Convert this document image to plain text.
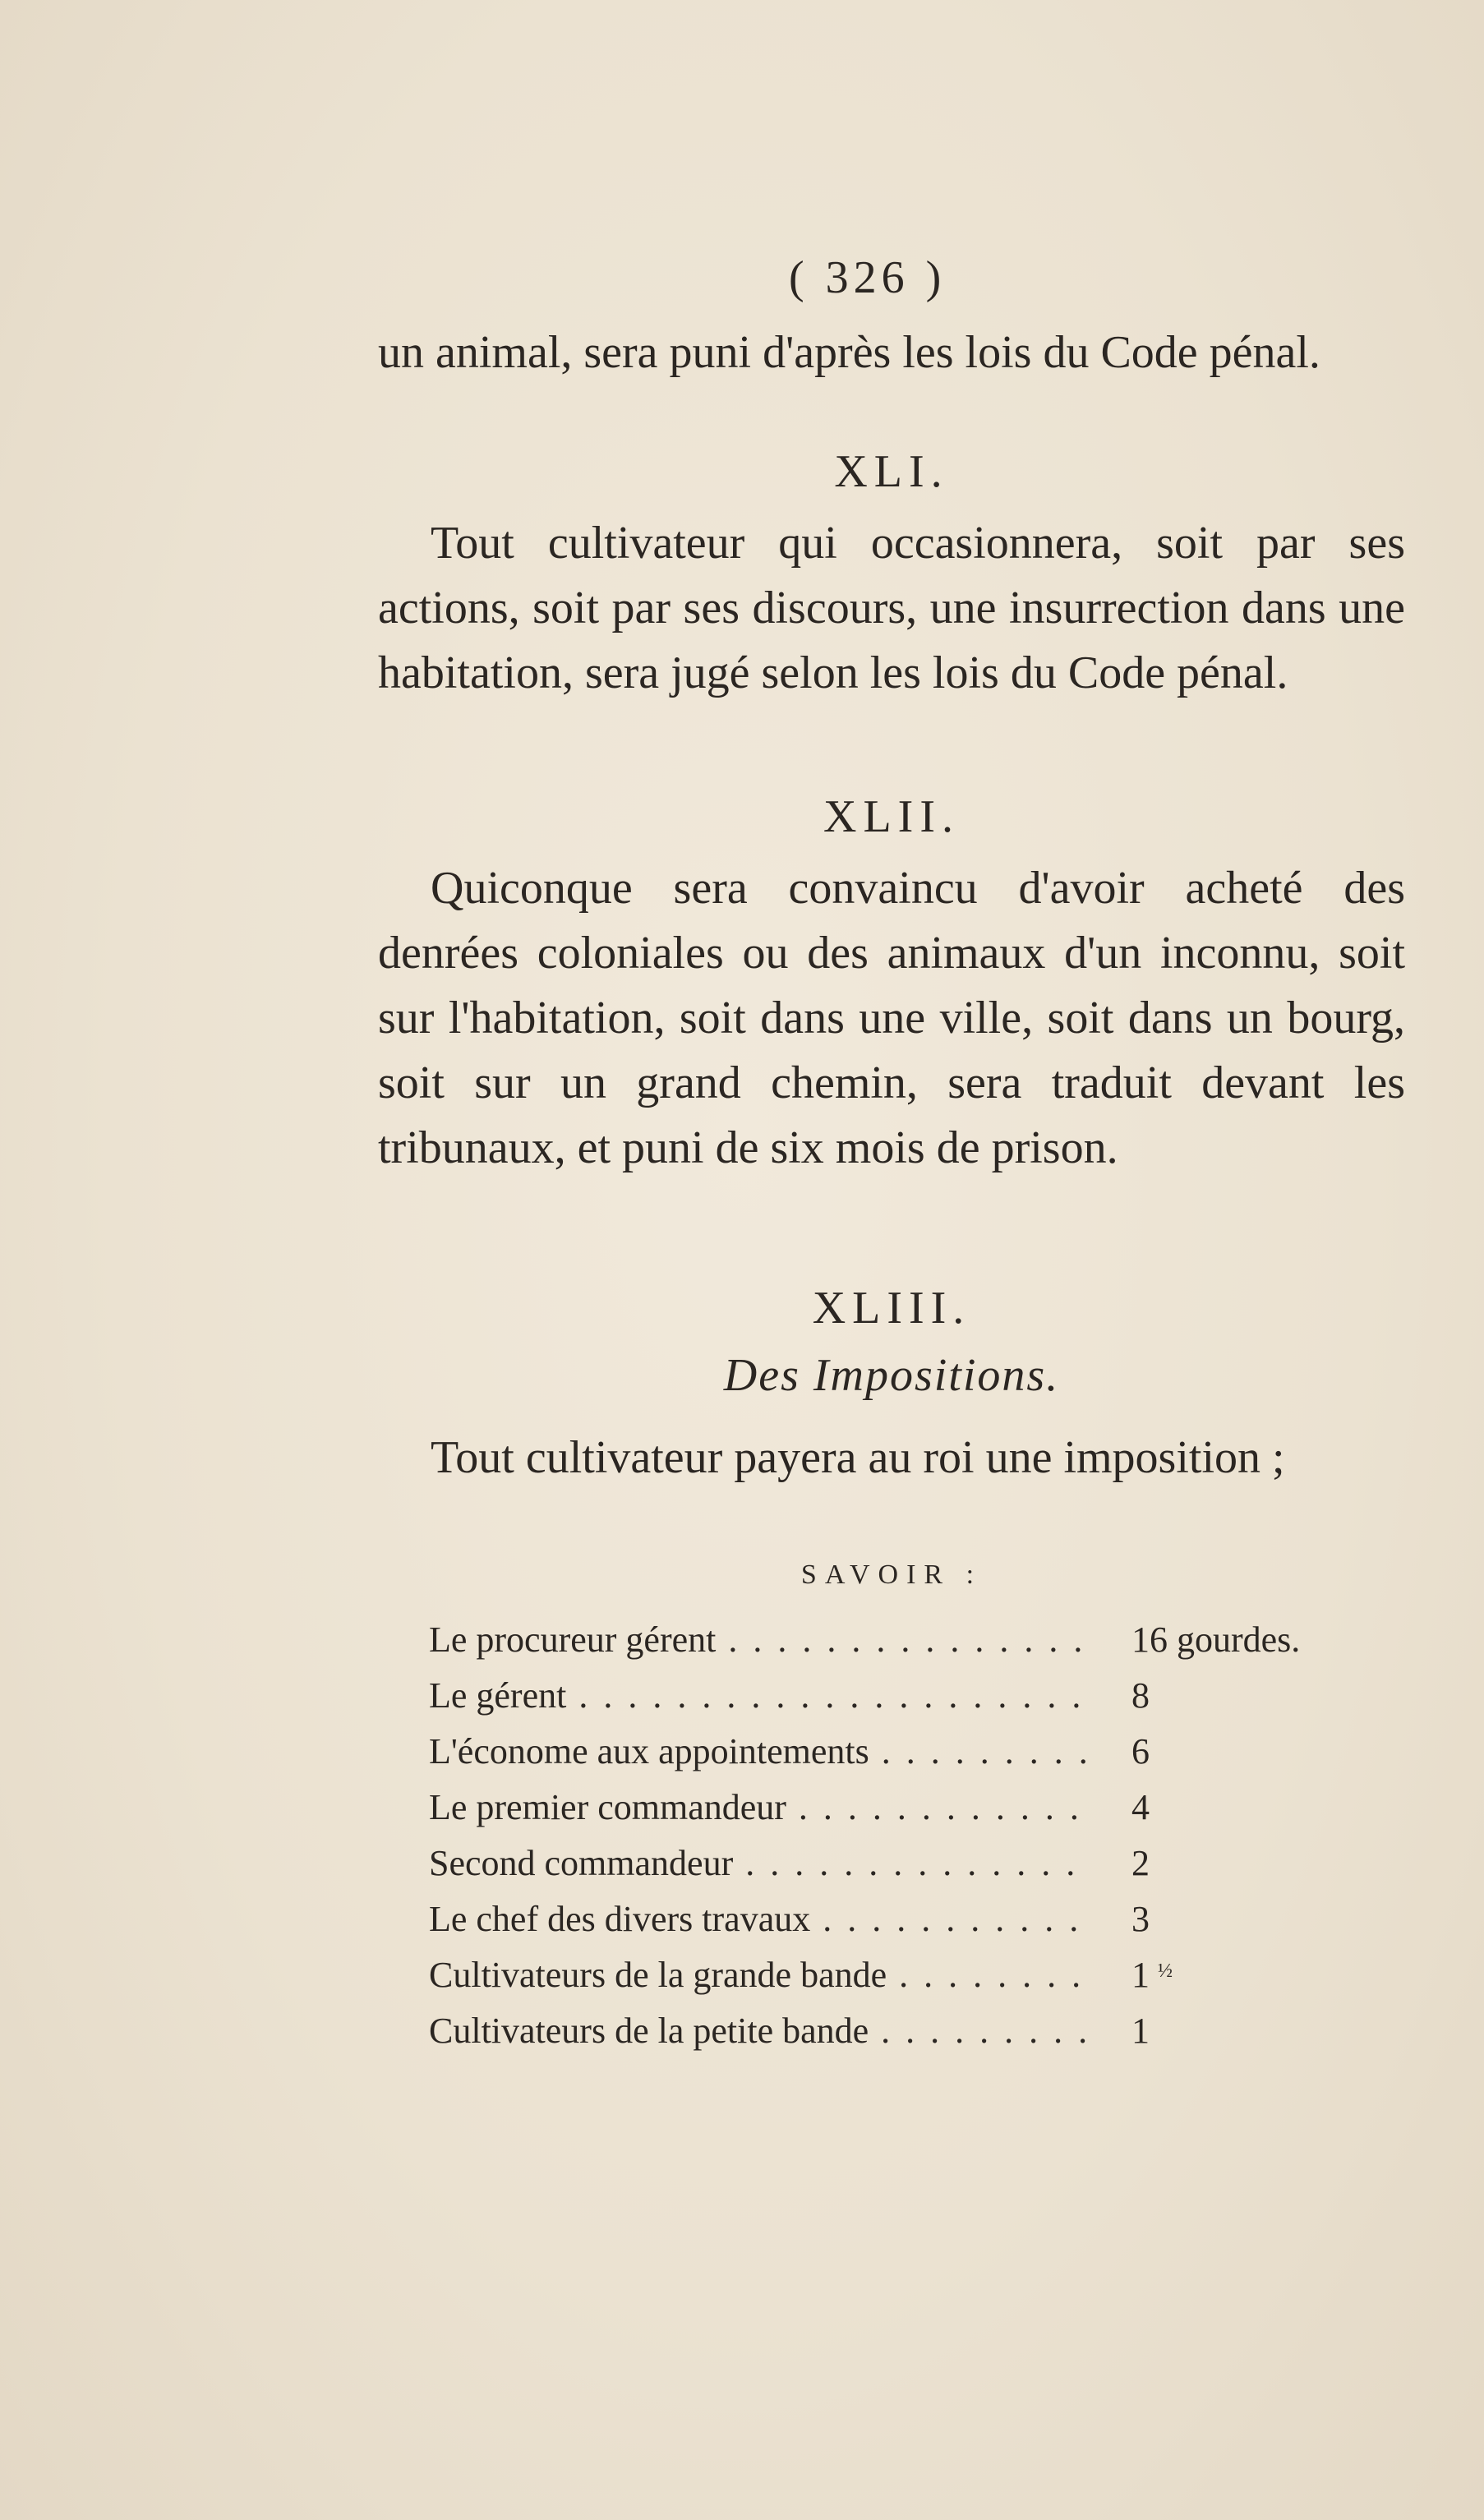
( 326 )

un animal, sera puni d'après les lois du Code pénal.

XLI.

Tout cultivateur qui occasionnera, soit par ses actions, soit par ses discours, une insurrection dans une habitation, sera jugé selon les lois du Code pénal.

XLII.

Quiconque sera convaincu d'avoir acheté des denrées coloniales ou des animaux d'un inconnu, soit sur l'habitation, soit dans une ville, soit dans un bourg, soit sur un grand chemin, sera traduit devant les tribunaux, et puni de six mois de prison.

XLIII.
Des Impositions.

Tout cultivateur payera au roi une imposition ;

SAVOIR :
Le procureur gérent . . .	16 gourdes.
Le gérent . . .	8
L'économe aux appointements . . .	6
Le premier commandeur . . .	4
Second commandeur . . .	2
Le chef des divers travaux . . .	3
Cultivateurs de la grande bande . . .	1 $^{\frac{1}{2}}$
Cultivateurs de la petite bande . . .	1
